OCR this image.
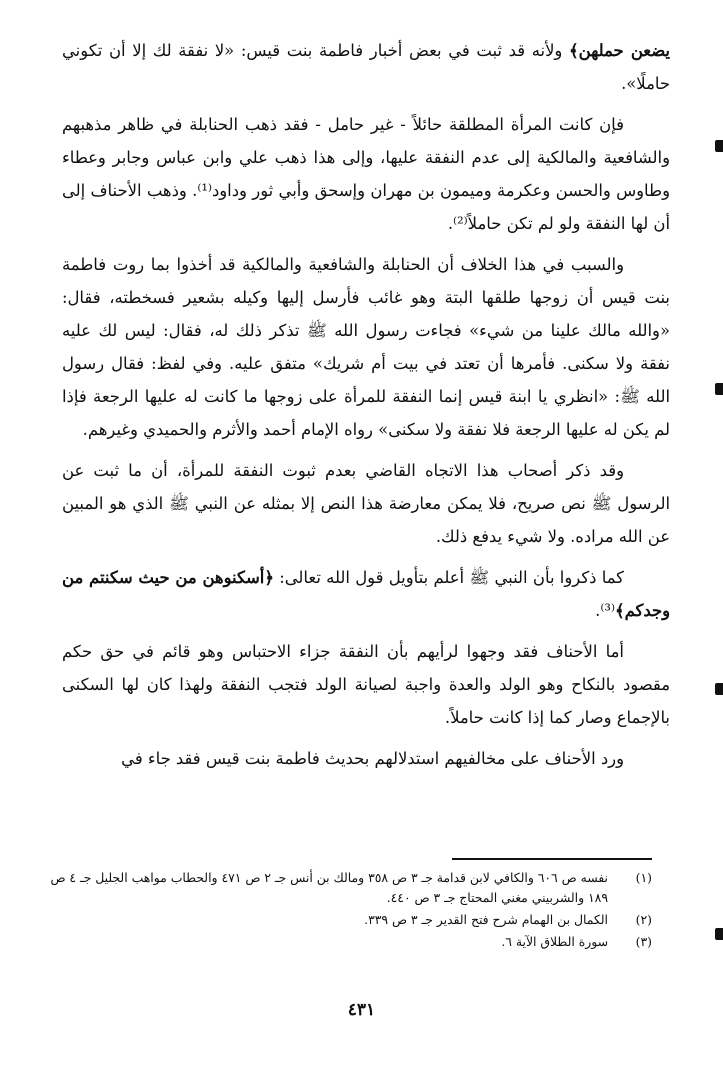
يضعن حملهن﴾ ولأنه قد ثبت في بعض أخبار فاطمة بنت قيس: «لا نفقة لك إلا أن تكوني حاملًا».

فإن كانت المرأة المطلقة حائلاً - غير حامل - فقد ذهب الحنابلة في ظاهر مذهبهم والشافعية والمالكية إلى عدم النفقة عليها، وإلى هذا ذهب علي وابن عباس وجابر وعطاء وطاوس والحسن وعكرمة وميمون بن مهران وإسحق وأبي ثور وداود⁽¹⁾. وذهب الأحناف إلى أن لها النفقة ولو لم تكن حاملاً⁽²⁾.

والسبب في هذا الخلاف أن الحنابلة والشافعية والمالكية قد أخذوا بما روت فاطمة بنت قيس أن زوجها طلقها البتة وهو غائب فأرسل إليها وكيله بشعير فسخطته، فقال: «والله مالك علينا من شيء» فجاءت رسول الله ﷺ تذكر ذلك له، فقال: ليس لك عليه نفقة ولا سكنى. فأمرها أن تعتد في بيت أم شريك» متفق عليه. وفي لفظ: فقال رسول الله ﷺ: «انظري يا ابنة قيس إنما النفقة للمرأة على زوجها ما كانت له عليها الرجعة فإذا لم يكن له عليها الرجعة فلا نفقة ولا سكنى» رواه الإمام أحمد والأثرم والحميدي وغيرهم.

وقد ذكر أصحاب هذا الاتجاه القاضي بعدم ثبوت النفقة للمرأة، أن ما ثبت عن الرسول ﷺ نص صريح، فلا يمكن معارضة هذا النص إلا بمثله عن النبي ﷺ الذي هو المبين عن الله مراده. ولا شيء يدفع ذلك.

كما ذكروا بأن النبي ﷺ أعلم بتأويل قول الله تعالى: ﴿أسكنوهن من حيث سكنتم من وجدكم﴾⁽³⁾.

أما الأحناف فقد وجهوا لرأيهم بأن النفقة جزاء الاحتباس وهو قائم في حق حكم مقصود بالنكاح وهو الولد والعدة واجبة لصيانة الولد فتجب النفقة ولهذا كان لها السكنى بالإجماع وصار كما إذا كانت حاملاً.

ورد الأحناف على مخالفيهم استدلالهم بحديث فاطمة بنت قيس فقد جاء في

(١)
نفسه ص ٦٠٦ والكافي لابن قدامة جـ ٣ ص ٣٥٨ ومالك بن أنس جـ ٢ ص ٤٧١ والحطاب مواهب الجليل جـ ٤ ص ١٨٩ والشربيني مغني المحتاج جـ ٣ ص ٤٤٠.
(٢)
الكمال بن الهمام شرح فتح القدير جـ ٣ ص ٣٣٩.
(٣)
سورة الطلاق الآية ٦.
٤٣١
